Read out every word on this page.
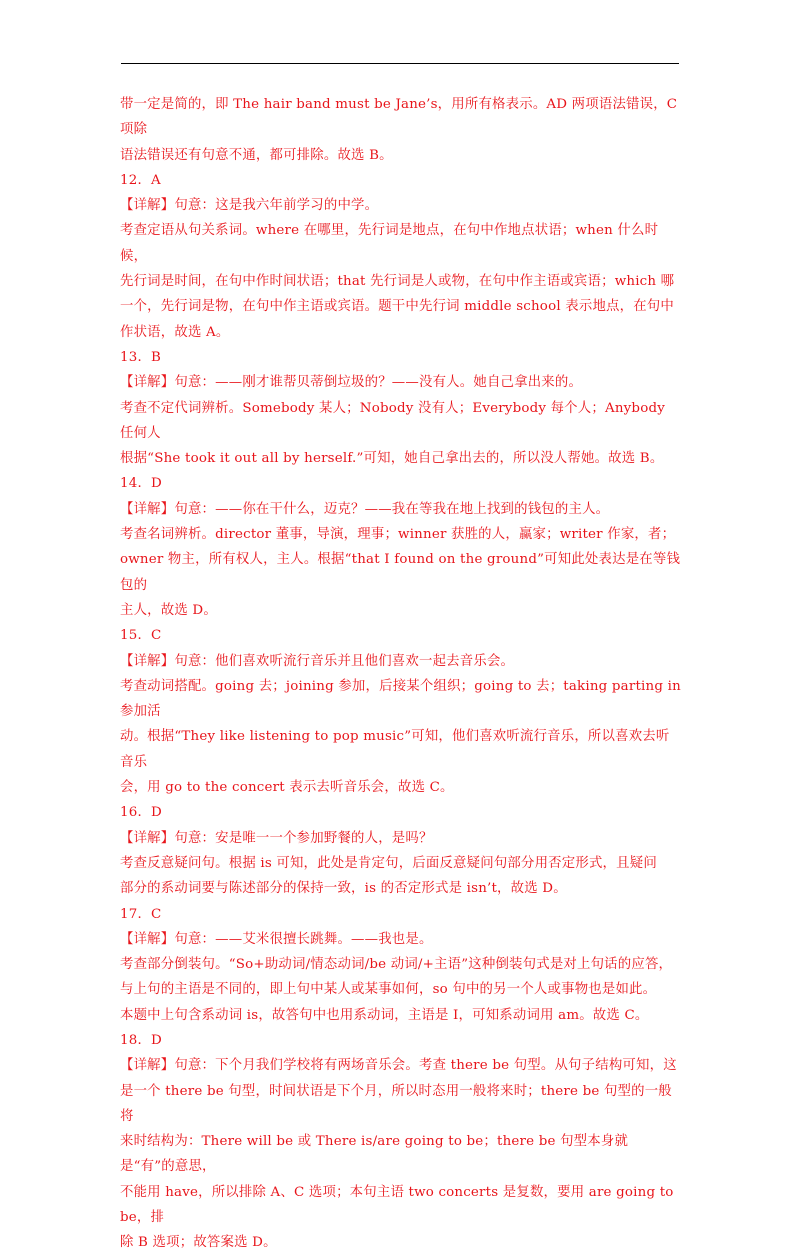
带一定是简的，即 The hair band must be Jane’s，用所有格表示。AD 两项语法错误，C 项除

语法错误还有句意不通，都可排除。故选 B。

12．A

【详解】句意：这是我六年前学习的中学。

考查定语从句关系词。where 在哪里，先行词是地点，在句中作地点状语；when 什么时候，

先行词是时间，在句中作时间状语；that 先行词是人或物，在句中作主语或宾语；which 哪

一个，先行词是物，在句中作主语或宾语。题干中先行词 middle school 表示地点，在句中

作状语，故选 A。

13．B

【详解】句意：——刚才谁帮贝蒂倒垃圾的？——没有人。她自己拿出来的。

考查不定代词辨析。Somebody 某人；Nobody 没有人；Everybody 每个人；Anybody 任何人

根据“She took it out all by herself.”可知，她自己拿出去的，所以没人帮她。故选 B。

14．D

【详解】句意：——你在干什么，迈克？——我在等我在地上找到的钱包的主人。

考查名词辨析。director 董事，导演，理事；winner 获胜的人，赢家；writer 作家，者；

owner 物主，所有权人，主人。根据“that I found on the ground”可知此处表达是在等钱包的

主人，故选 D。

15．C

【详解】句意：他们喜欢听流行音乐并且他们喜欢一起去音乐会。

考查动词搭配。going 去；joining 参加，后接某个组织；going to 去；taking parting in 参加活

动。根据“They like listening to pop music”可知，他们喜欢听流行音乐，所以喜欢去听音乐

会，用 go to the concert 表示去听音乐会，故选 C。

16．D

【详解】句意：安是唯一一个参加野餐的人，是吗？

考查反意疑问句。根据 is 可知，此处是肯定句，后面反意疑问句部分用否定形式，且疑问

部分的系动词要与陈述部分的保持一致，is 的否定形式是 isn’t，故选 D。

17．C

【详解】句意：——艾米很擅长跳舞。——我也是。

考查部分倒装句。“So+助动词/情态动词/be 动词/+主语”这种倒装句式是对上句话的应答，

与上句的主语是不同的，即上句中某人或某事如何，so 句中的另一个人或事物也是如此。

本题中上句含系动词 is，故答句中也用系动词，主语是 I，可知系动词用 am。故选 C。

18．D

【详解】句意：下个月我们学校将有两场音乐会。考查 there be 句型。从句子结构可知，这

是一个 there be 句型，时间状语是下个月，所以时态用一般将来时；there be 句型的一般将

来时结构为：There will be 或 There is/are going to be；there be 句型本身就是“有”的意思，

不能用 have，所以排除 A、C 选项；本句主语 two concerts 是复数，要用 are going to be，排

除 B 选项；故答案选 D。
